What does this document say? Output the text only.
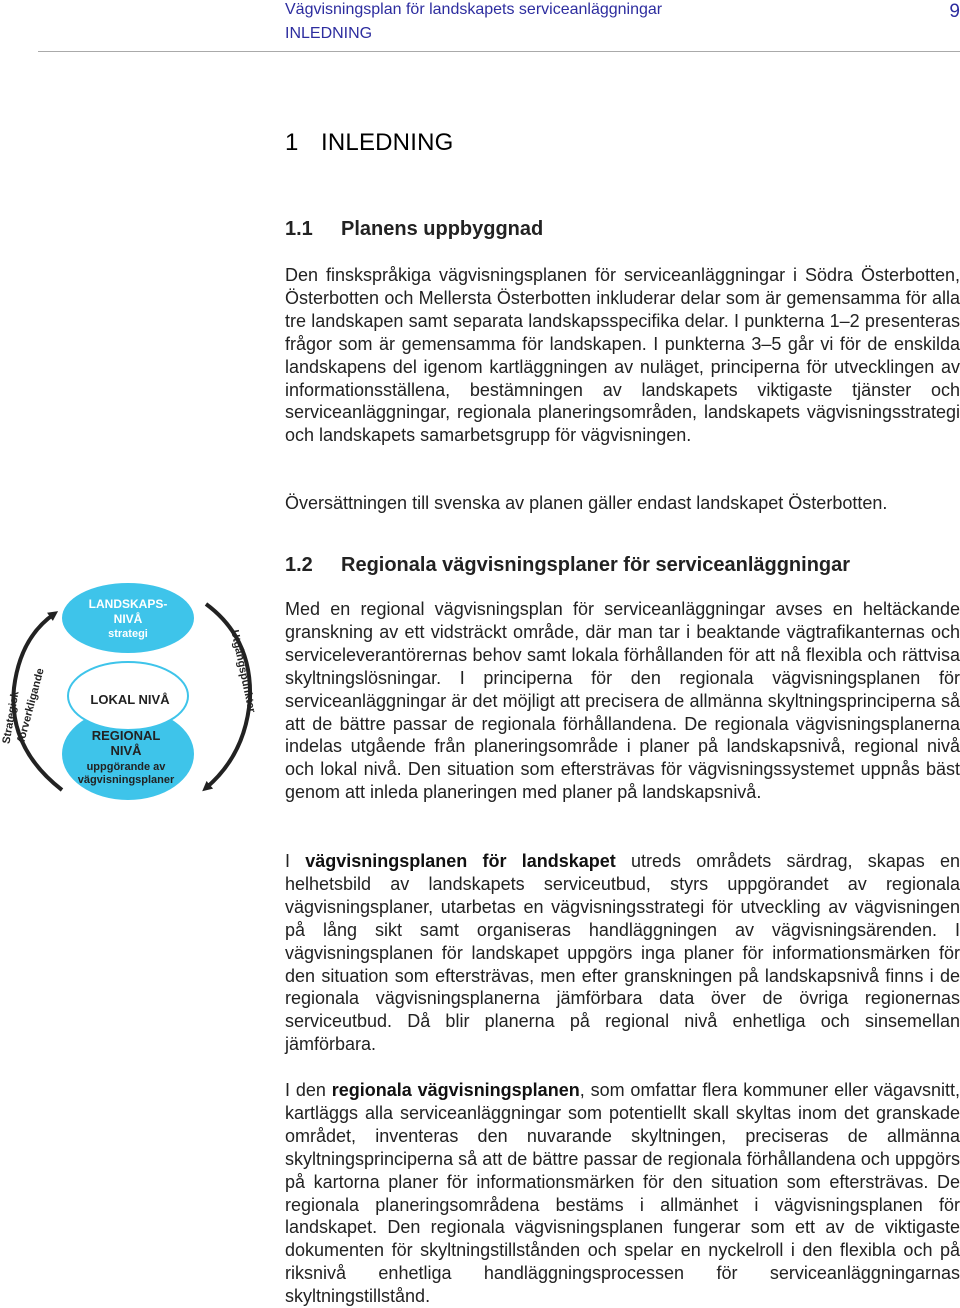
Vägvisningsplan för landskapets serviceanläggningar
INLEDNING
9
1 INLEDNING
1.1 Planens uppbyggnad
Den finskspråkiga vägvisningsplanen för serviceanläggningar i Södra Österbotten, Österbotten och Mellersta Österbotten inkluderar delar som är gemensamma för alla tre landskapen samt separata landskapsspecifika delar. I punkterna 1–2 presenteras frågor som är gemensamma för landskapen. I punkterna 3–5 går vi för de enskilda landskapens del igenom kartläggningen av nuläget, principerna för utvecklingen av informationsställena, bestämningen av landskapets viktigaste tjänster och serviceanläggningar, regionala planeringsområden, landskapets vägvisningsstrategi och landskapets samarbetsgrupp för vägvisningen.
Översättningen till svenska av planen gäller endast landskapet Österbotten.
1.2 Regionala vägvisningsplaner för serviceanläggningar
Med en regional vägvisningsplan för serviceanläggningar avses en heltäckande granskning av ett vidsträckt område, där man tar i beaktande vägtrafikanternas och serviceleverantörernas behov samt lokala förhållanden för att nå flexibla och rättvisa skyltningslösningar. I principerna för den regionala vägvisningsplanen för serviceanläggningar är det möjligt att precisera de allmänna skyltningsprinciperna så att de bättre passar de regionala förhållandena. De regionala vägvisningsplanerna indelas utgående från planeringsområde i planer på landskapsnivå, regional nivå och lokal nivå. Den situation som eftersträvas för vägvisningssystemet uppnås bäst genom att inleda planeringen med planer på landskapsnivå.
I vägvisningsplanen för landskapet utreds områdets särdrag, skapas en helhetsbild av landskapets serviceutbud, styrs uppgörandet av regionala vägvisningsplaner, utarbetas en vägvisningsstrategi för utveckling av vägvisningen på lång sikt samt organiseras handläggningen av vägvisningsärenden. I vägvisningsplanen för landskapet uppgörs inga planer för informationsmärken för den situation som eftersträvas, men efter granskningen på landskapsnivå finns i de regionala vägvisningsplanerna jämförbara data över de övriga regionernas serviceutbud. Då blir planerna på regional nivå enhetliga och sinsemellan jämförbara.
I den regionala vägvisningsplanen, som omfattar flera kommuner eller vägavsnitt, kartläggs alla serviceanläggningar som potentiellt skall skyltas inom det granskade området, inventeras den nuvarande skyltningen, preciseras de allmänna skyltningsprinciperna så att de bättre passar de regionala förhållandena och uppgörs på kartorna planer för informationsmärken för den situation som eftersträvas. De regionala planeringsområdena bestäms i allmänhet i vägvisningsplanen för landskapet. Den regionala vägvisningsplanen fungerar som ett av de viktigaste dokumenten för skyltningstillstånden och spelar en nyckelroll i den flexibla och på riksnivå enhetliga handläggningsprocessen för serviceanläggningarnas skyltningstillstånd.
LANDSKAPS-
NIVÅ
strategi
LOKAL NIVÅ
REGIONAL
NIVÅ
uppgörande av
vägvisningsplaner
Strategisk
förverkligande	Utgångspunkter
